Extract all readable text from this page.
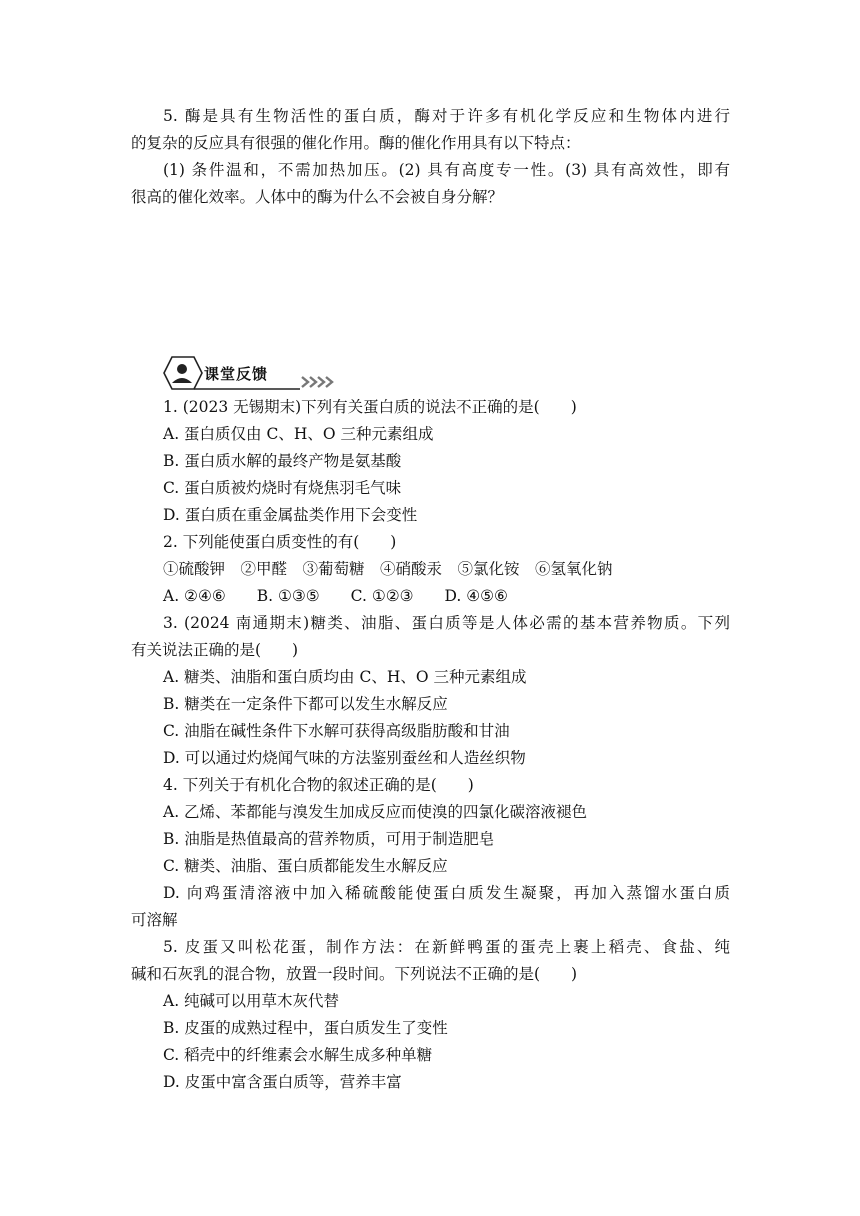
5. 酶是具有生物活性的蛋白质，酶对于许多有机化学反应和生物体内进行
的复杂的反应具有很强的催化作用。酶的催化作用具有以下特点：
(1) 条件温和，不需加热加压。(2) 具有高度专一性。(3) 具有高效性，即有
很高的催化效率。人体中的酶为什么不会被自身分解？
课堂反馈
1. (2023 无锡期末)下列有关蛋白质的说法不正确的是(　　)
A. 蛋白质仅由 C、H、O 三种元素组成
B. 蛋白质水解的最终产物是氨基酸
C. 蛋白质被灼烧时有烧焦羽毛气味
D. 蛋白质在重金属盐类作用下会变性
2. 下列能使蛋白质变性的有(　　)
①硫酸钾　②甲醛　③葡萄糖　④硝酸汞　⑤氯化铵　⑥氢氧化钠
A. ②④⑥　　B. ①③⑤　　C. ①②③　　D. ④⑤⑥
3. (2024 南通期末)糖类、油脂、蛋白质等是人体必需的基本营养物质。下列
有关说法正确的是(　　)
A. 糖类、油脂和蛋白质均由 C、H、O 三种元素组成
B. 糖类在一定条件下都可以发生水解反应
C. 油脂在碱性条件下水解可获得高级脂肪酸和甘油
D. 可以通过灼烧闻气味的方法鉴别蚕丝和人造丝织物
4. 下列关于有机化合物的叙述正确的是(　　)
A. 乙烯、苯都能与溴发生加成反应而使溴的四氯化碳溶液褪色
B. 油脂是热值最高的营养物质，可用于制造肥皂
C. 糖类、油脂、蛋白质都能发生水解反应
D. 向鸡蛋清溶液中加入稀硫酸能使蛋白质发生凝聚，再加入蒸馏水蛋白质
可溶解
5. 皮蛋又叫松花蛋，制作方法：在新鲜鸭蛋的蛋壳上裹上稻壳、食盐、纯
碱和石灰乳的混合物，放置一段时间。下列说法不正确的是(　　)
A. 纯碱可以用草木灰代替
B. 皮蛋的成熟过程中，蛋白质发生了变性
C. 稻壳中的纤维素会水解生成多种单糖
D. 皮蛋中富含蛋白质等，营养丰富
